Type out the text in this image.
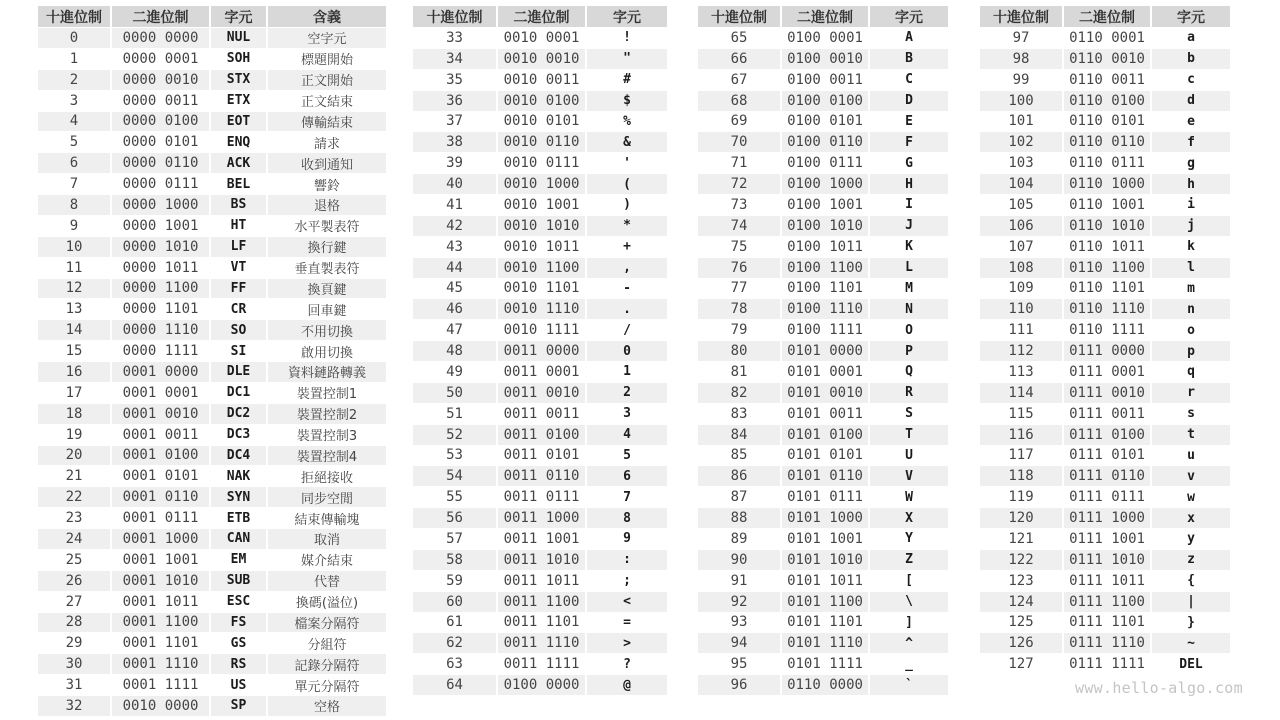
十進位制	二進位制	字元	含義
0	0000 0000	NUL	空字元
1	0000 0001	SOH	標題開始
2	0000 0010	STX	正文開始
3	0000 0011	ETX	正文結束
4	0000 0100	EOT	傳輸結束
5	0000 0101	ENQ	請求
6	0000 0110	ACK	收到通知
7	0000 0111	BEL	響鈴
8	0000 1000	BS	退格
9	0000 1001	HT	水平製表符
10	0000 1010	LF	換行鍵
11	0000 1011	VT	垂直製表符
12	0000 1100	FF	換頁鍵
13	0000 1101	CR	回車鍵
14	0000 1110	SO	不用切換
15	0000 1111	SI	啟用切換
16	0001 0000	DLE	資料鏈路轉義
17	0001 0001	DC1	裝置控制1
18	0001 0010	DC2	裝置控制2
19	0001 0011	DC3	裝置控制3
20	0001 0100	DC4	裝置控制4
21	0001 0101	NAK	拒絕接收
22	0001 0110	SYN	同步空閒
23	0001 0111	ETB	結束傳輸塊
24	0001 1000	CAN	取消
25	0001 1001	EM	媒介結束
26	0001 1010	SUB	代替
27	0001 1011	ESC	換碼(溢位)
28	0001 1100	FS	檔案分隔符
29	0001 1101	GS	分組符
30	0001 1110	RS	記錄分隔符
31	0001 1111	US	單元分隔符
32	0010 0000	SP	空格
十進位制	二進位制	字元
33	0010 0001	!
34	0010 0010	"
35	0010 0011	#
36	0010 0100	$
37	0010 0101	%
38	0010 0110	&
39	0010 0111	'
40	0010 1000	(
41	0010 1001	)
42	0010 1010	*
43	0010 1011	+
44	0010 1100	,
45	0010 1101	-
46	0010 1110	.
47	0010 1111	/
48	0011 0000	0
49	0011 0001	1
50	0011 0010	2
51	0011 0011	3
52	0011 0100	4
53	0011 0101	5
54	0011 0110	6
55	0011 0111	7
56	0011 1000	8
57	0011 1001	9
58	0011 1010	:
59	0011 1011	;
60	0011 1100	<
61	0011 1101	=
62	0011 1110	>
63	0011 1111	?
64	0100 0000	@
十進位制	二進位制	字元
65	0100 0001	A
66	0100 0010	B
67	0100 0011	C
68	0100 0100	D
69	0100 0101	E
70	0100 0110	F
71	0100 0111	G
72	0100 1000	H
73	0100 1001	I
74	0100 1010	J
75	0100 1011	K
76	0100 1100	L
77	0100 1101	M
78	0100 1110	N
79	0100 1111	O
80	0101 0000	P
81	0101 0001	Q
82	0101 0010	R
83	0101 0011	S
84	0101 0100	T
85	0101 0101	U
86	0101 0110	V
87	0101 0111	W
88	0101 1000	X
89	0101 1001	Y
90	0101 1010	Z
91	0101 1011	[
92	0101 1100	\
93	0101 1101	]
94	0101 1110	^
95	0101 1111	_
96	0110 0000	`
十進位制	二進位制	字元
97	0110 0001	a
98	0110 0010	b
99	0110 0011	c
100	0110 0100	d
101	0110 0101	e
102	0110 0110	f
103	0110 0111	g
104	0110 1000	h
105	0110 1001	i
106	0110 1010	j
107	0110 1011	k
108	0110 1100	l
109	0110 1101	m
110	0110 1110	n
111	0110 1111	o
112	0111 0000	p
113	0111 0001	q
114	0111 0010	r
115	0111 0011	s
116	0111 0100	t
117	0111 0101	u
118	0111 0110	v
119	0111 0111	w
120	0111 1000	x
121	0111 1001	y
122	0111 1010	z
123	0111 1011	{
124	0111 1100	|
125	0111 1101	}
126	0111 1110	~
127	0111 1111	DEL
www.hello-algo.com
